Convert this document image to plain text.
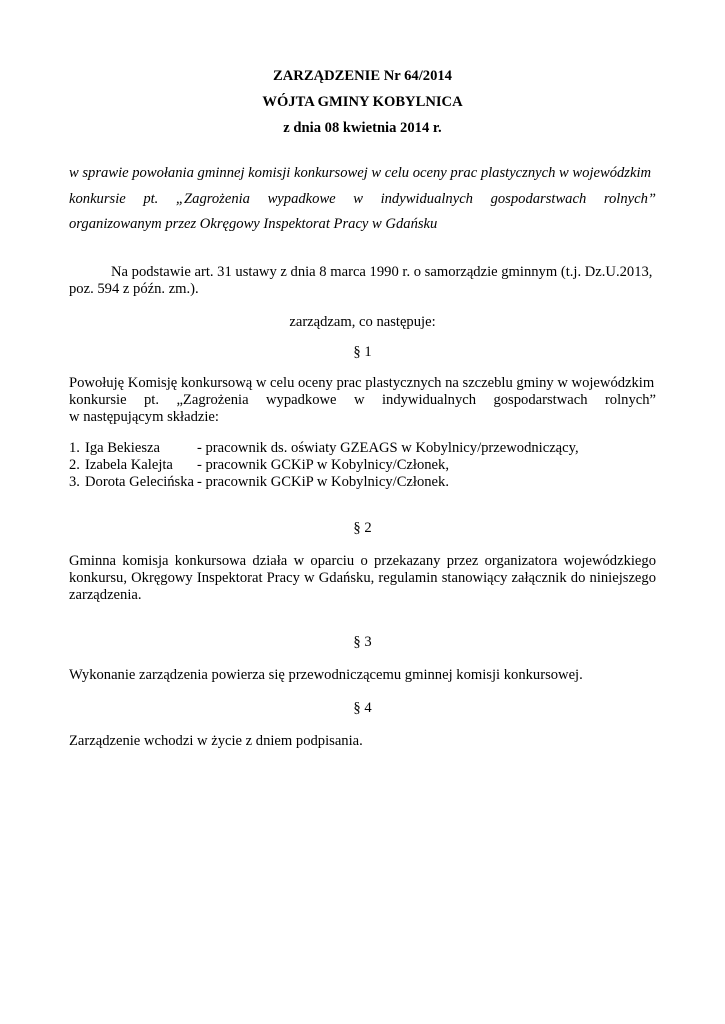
ZARZĄDZENIE Nr 64/2014
WÓJTA GMINY KOBYLNICA
z dnia 08 kwietnia 2014 r.
w sprawie powołania gminnej komisji konkursowej w celu oceny prac plastycznych w wojewódzkim
konkursie pt. „Zagrożenia wypadkowe w indywidualnych gospodarstwach rolnych”
organizowanym przez Okręgowy Inspektorat Pracy w Gdańsku
Na podstawie art. 31 ustawy z dnia 8 marca 1990 r. o samorządzie gminnym (t.j. Dz.U.2013,
poz. 594 z późn. zm.).
zarządzam, co następuje:
§ 1
Powołuję Komisję konkursową w celu oceny prac plastycznych na szczeblu gminy w wojewódzkim
konkursie pt. „Zagrożenia wypadkowe w indywidualnych gospodarstwach rolnych”
w następującym składzie:
1. Iga Bekiesza	- pracownik ds. oświaty GZEAGS w Kobylnicy/przewodniczący,
2. Izabela Kalejta - pracownik GCKiP w Kobylnicy/Członek,
3. Dorota Gelecińska - pracownik GCKiP w Kobylnicy/Członek.
§ 2
Gminna komisja konkursowa działa w oparciu o przekazany przez organizatora wojewódzkiego
konkursu, Okręgowy Inspektorat Pracy w Gdańsku, regulamin stanowiący załącznik do niniejszego
zarządzenia.
§ 3
Wykonanie zarządzenia powierza się przewodniczącemu gminnej komisji konkursowej.
§ 4
Zarządzenie wchodzi w życie z dniem podpisania.
